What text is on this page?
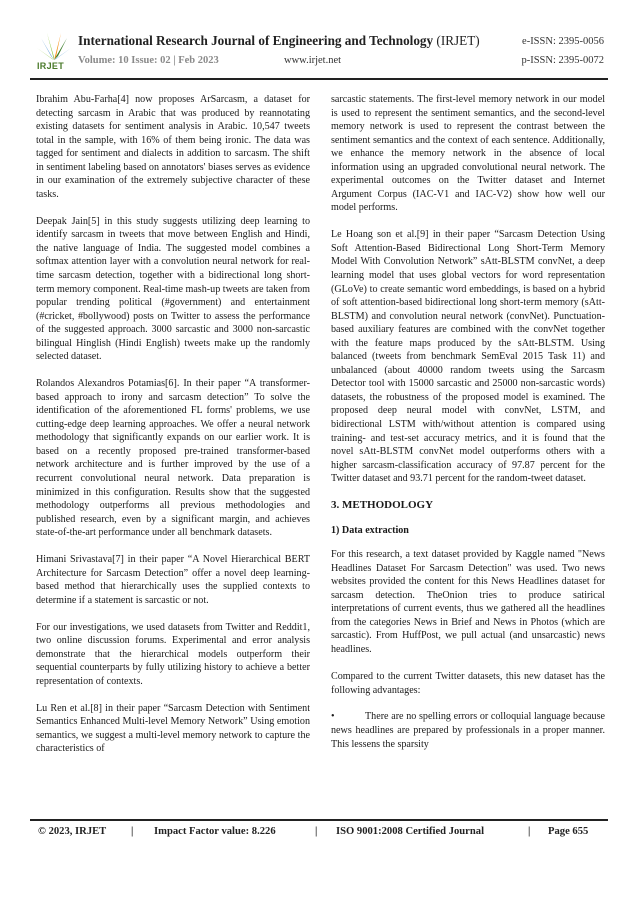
IRJET
International Research Journal of Engineering and Technology (IRJET)
Volume: 10 Issue: 02 | Feb 2023	www.irjet.net
e-ISSN: 2395-0056
p-ISSN: 2395-0072

Ibrahim Abu-Farha[4] now proposes ArSarcasm, a dataset for detecting sarcasm in Arabic that was produced by reannotating existing datasets for sentiment analysis in Arabic. 10,547 tweets total in the sample, with 16% of them being ironic. The data was tagged for sentiment and dialects in addition to sarcasm. The shift in sentiment labeling based on annotators' biases serves as evidence in our examination of the extremely subjective character of these tasks.

Deepak Jain[5] in this study suggests utilizing deep learning to identify sarcasm in tweets that move between English and Hindi, the native language of India. The suggested model combines a softmax attention layer with a convolution neural network for real-time sarcasm detection, together with a bidirectional long short-term memory component. Real-time mash-up tweets are taken from popular trending political (#government) and entertainment (#cricket, #bollywood) posts on Twitter to assess the performance of the suggested approach. 3000 sarcastic and 3000 non-sarcastic bilingual Hinglish (Hindi English) tweets make up the randomly selected dataset.

Rolandos Alexandros Potamias[6]. In their paper “A transformer-based approach to irony and sarcasm detection” To solve the identification of the aforementioned FL forms' problems, we use cutting-edge deep learning approaches. We offer a neural network methodology that significantly expands on our earlier work. It is based on a recently proposed pre-trained transformer-based network architecture and is further improved by the use of a recurrent convolutional neural network. Data preparation is minimized in this configuration. Results show that the suggested methodology outperforms all previous methodologies and published research, even by a significant margin, and achieves state-of-the-art performance under all benchmark datasets.

Himani Srivastava[7] in their paper “A Novel Hierarchical BERT Architecture for Sarcasm Detection” offer a novel deep learning-based method that hierarchically uses the supplied contexts to determine if a statement is sarcastic or not.

For our investigations, we used datasets from Twitter and Reddit1, two online discussion forums. Experimental and error analysis demonstrate that the hierarchical models outperform their sequential counterparts by fully utilizing history to achieve a better representation of contexts.

Lu Ren et al.[8] in their paper “Sarcasm Detection with Sentiment Semantics Enhanced Multi-level Memory Network” Using emotion semantics, we suggest a multi-level memory network to capture the characteristics of

sarcastic statements. The first-level memory network in our model is used to represent the sentiment semantics, and the second-level memory network is used to represent the contrast between the sentiment semantics and the context of each sentence. Additionally, we enhance the memory network in the absence of local information using an upgraded convolutional neural network. The experimental outcomes on the Twitter dataset and Internet Argument Corpus (IAC-V1 and IAC-V2) show how well our model performs.

Le Hoang son et al.[9] in their paper “Sarcasm Detection Using Soft Attention-Based Bidirectional Long Short-Term Memory Model With Convolution Network” sAtt-BLSTM convNet, a deep learning model that uses global vectors for word representation (GLoVe) to create semantic word embeddings, is based on a hybrid of soft attention-based bidirectional long short-term memory (sAtt-BLSTM) and convolution neural network (convNet). Punctuation-based auxiliary features are combined with the convNet together with the feature maps produced by the sAtt-BLSTM. Using balanced (tweets from benchmark SemEval 2015 Task 11) and unbalanced (about 40000 random tweets using the Sarcasm Detector tool with 15000 sarcastic and 25000 non-sarcastic words) datasets, the robustness of the proposed model is examined. The proposed deep neural model with convNet, LSTM, and bidirectional LSTM with/without attention is compared using training- and test-set accuracy metrics, and it is found that the novel sAtt-BLSTM convNet model outperforms others with a higher sarcasm-classification accuracy of 97.87 percent for the Twitter dataset and 93.71 percent for the random-tweet dataset.

3. METHODOLOGY
1) Data extraction

For this research, a text dataset provided by Kaggle named "News Headlines Dataset For Sarcasm Detection" was used. Two news websites provided the content for this News Headlines dataset for sarcasm detection. TheOnion tries to produce satirical interpretations of current events, thus we gathered all the headlines from the categories News in Brief and News in Photos (which are sarcastic). From HuffPost, we pull actual (and unsarcastic) news headlines.

Compared to the current Twitter datasets, this new dataset has the following advantages:

•	There are no spelling errors or colloquial language because news headlines are prepared by professionals in a proper manner. This lessens the sparsity

© 2023, IRJET | Impact Factor value: 8.226	| ISO 9001:2008 Certified Journal	| Page 655
